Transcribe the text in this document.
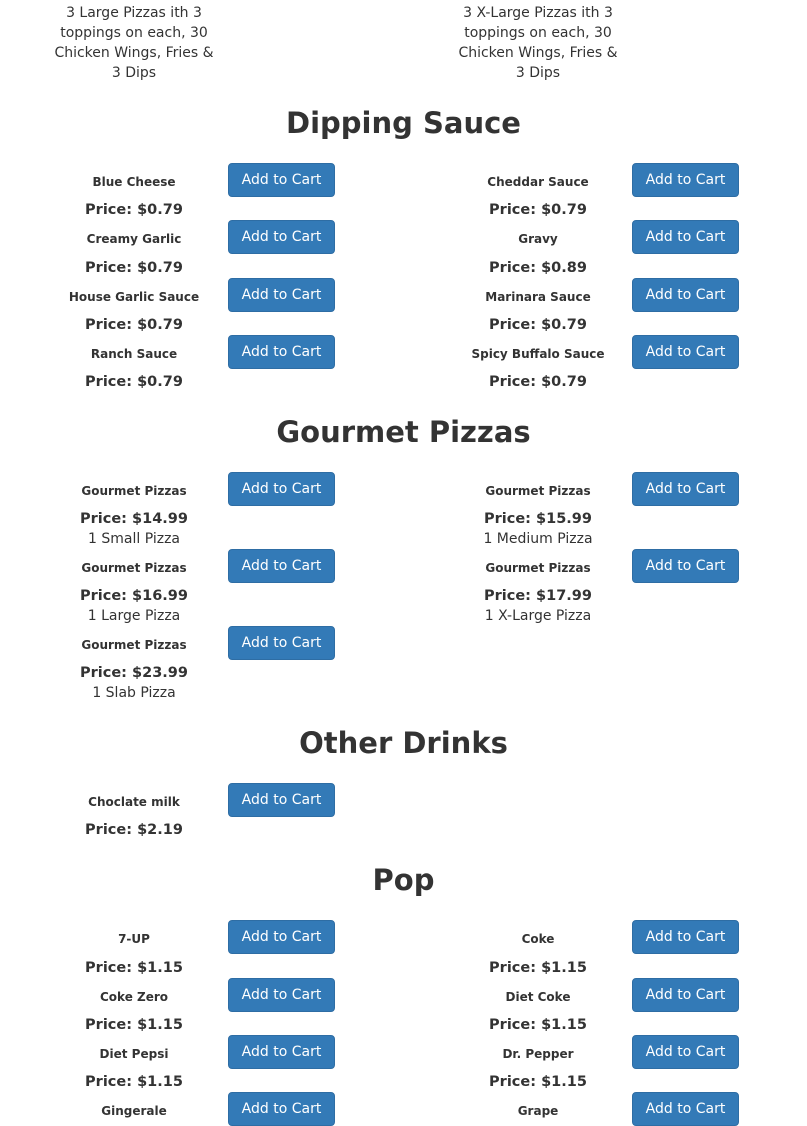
3 Large Pizzas ith 3 toppings on each, 30 Chicken Wings, Fries & 3 Dips
3 X-Large Pizzas ith 3 toppings on each, 30 Chicken Wings, Fries & 3 Dips
Dipping Sauce
Blue Cheese
Price: $0.79
Add to Cart	Cheddar Sauce
Price: $0.79
Add to Cart
Creamy Garlic
Price: $0.79
Add to Cart	Gravy
Price: $0.89
Add to Cart
House Garlic Sauce
Price: $0.79
Add to Cart	Marinara Sauce
Price: $0.79
Add to Cart
Ranch Sauce
Price: $0.79
Add to Cart	Spicy Buffalo Sauce
Price: $0.79
Add to Cart
Gourmet Pizzas
Gourmet Pizzas
Price: $14.99
1 Small Pizza
Add to Cart	Gourmet Pizzas
Price: $15.99
1 Medium Pizza
Add to Cart
Gourmet Pizzas
Price: $16.99
1 Large Pizza
Add to Cart	Gourmet Pizzas
Price: $17.99
1 X-Large Pizza
Add to Cart
Gourmet Pizzas
Price: $23.99
1 Slab Pizza
Add to Cart
Other Drinks
Choclate milk
Price: $2.19
Add to Cart
Pop
7-UP
Price: $1.15
Add to Cart	Coke
Price: $1.15
Add to Cart
Coke Zero
Price: $1.15
Add to Cart	Diet Coke
Price: $1.15
Add to Cart
Diet Pepsi
Price: $1.15
Add to Cart	Dr. Pepper
Price: $1.15
Add to Cart
Gingerale	Add to Cart	Grape	Add to Cart
